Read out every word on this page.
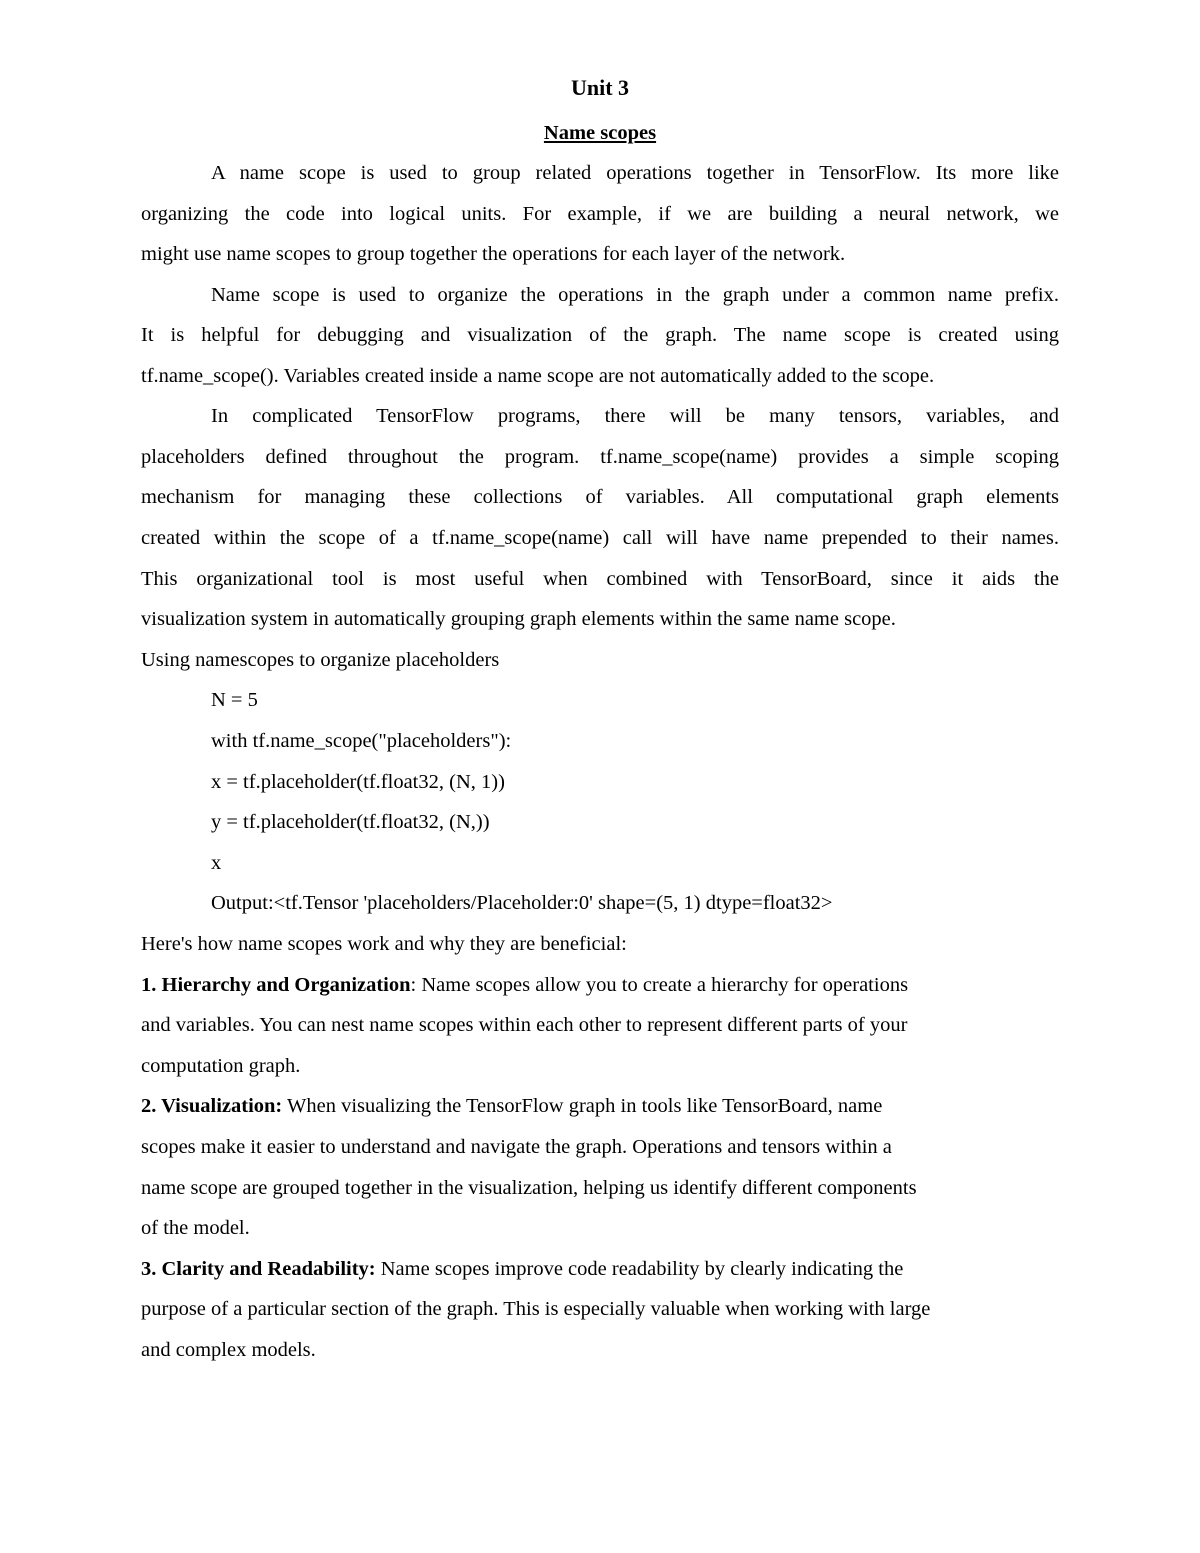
Unit 3
Name scopes
A name scope is used to group related operations together in TensorFlow. Its more like
organizing the code into logical units. For example, if we are building a neural network, we
might use name scopes to group together the operations for each layer of the network.
Name scope is used to organize the operations in the graph under a common name prefix.
It is helpful for debugging and visualization of the graph. The name scope is created using
tf.name_scope(). Variables created inside a name scope are not automatically added to the scope.
In complicated TensorFlow programs, there will be many tensors, variables, and
placeholders defined throughout the program. tf.name_scope(name) provides a simple scoping
mechanism for managing these collections of variables. All computational graph elements
created within the scope of a tf.name_scope(name) call will have name prepended to their names.
This organizational tool is most useful when combined with TensorBoard, since it aids the
visualization system in automatically grouping graph elements within the same name scope.
Using namescopes to organize placeholders
N = 5
with tf.name_scope("placeholders"):
x = tf.placeholder(tf.float32, (N, 1))
y = tf.placeholder(tf.float32, (N,))
x
Output:<tf.Tensor 'placeholders/Placeholder:0' shape=(5, 1) dtype=float32>
Here's how name scopes work and why they are beneficial:
1. Hierarchy and Organization: Name scopes allow you to create a hierarchy for operations
and variables. You can nest name scopes within each other to represent different parts of your
computation graph.
2. Visualization: When visualizing the TensorFlow graph in tools like TensorBoard, name
scopes make it easier to understand and navigate the graph. Operations and tensors within a
name scope are grouped together in the visualization, helping us identify different components
of the model.
3. Clarity and Readability: Name scopes improve code readability by clearly indicating the
purpose of a particular section of the graph. This is especially valuable when working with large
and complex models.
